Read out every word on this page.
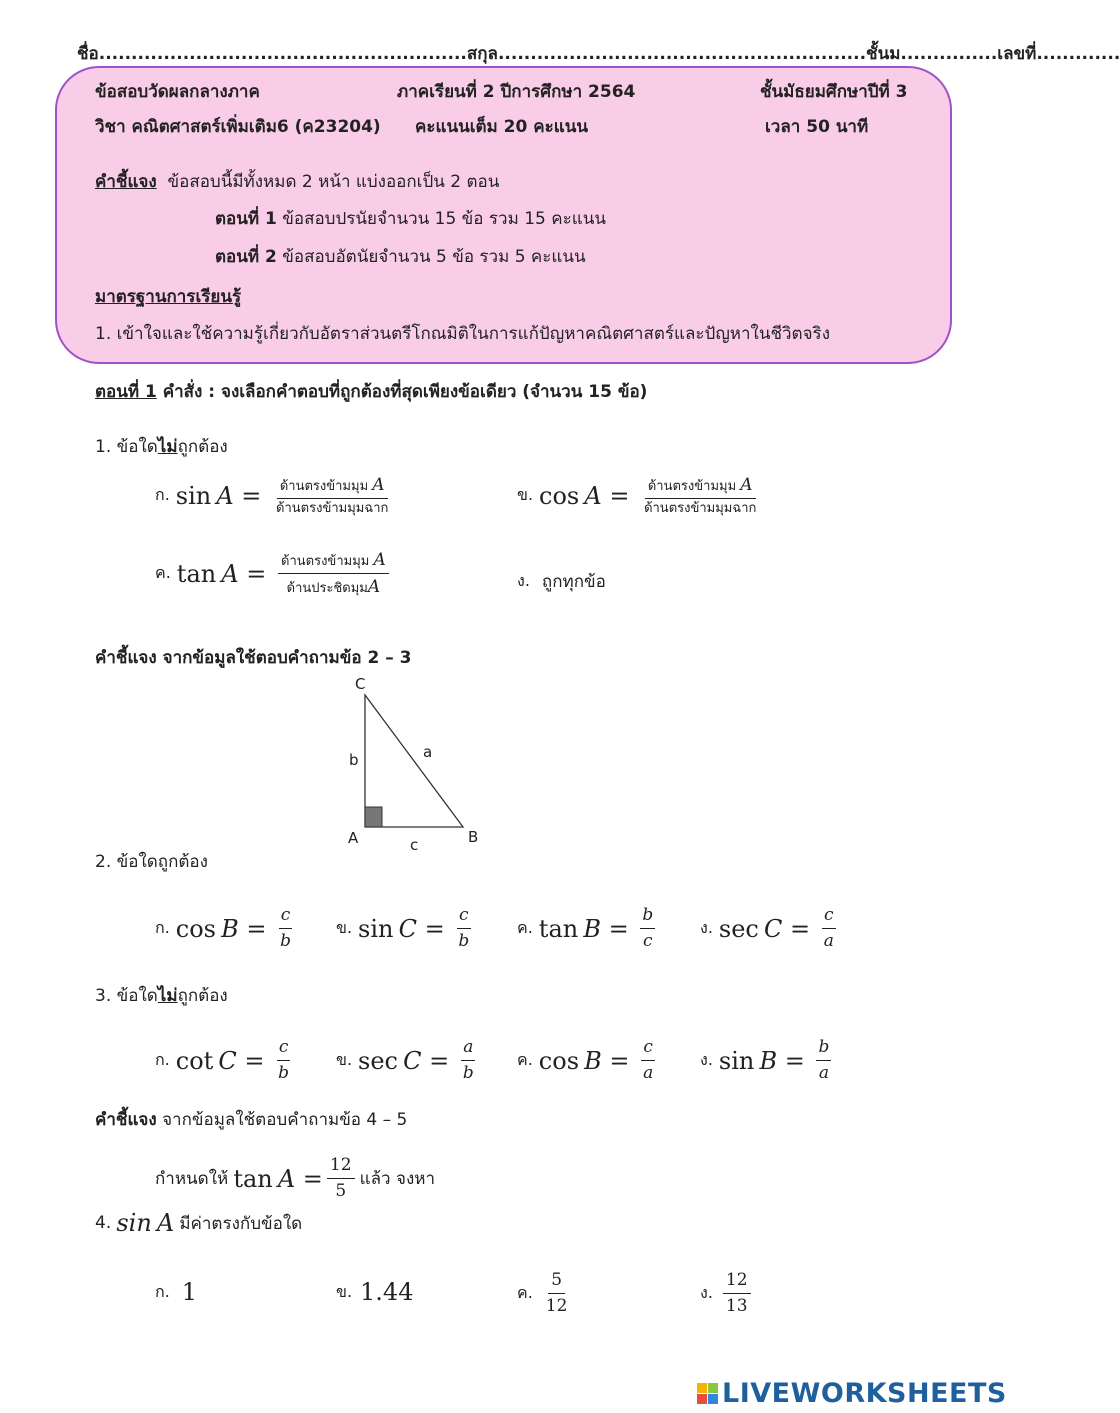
ชื่อ.........................................................สกุล.........................................................ชั้นม...............เลขที่.............
ข้อสอบวัดผลกลางภาค	ภาคเรียนที่ 2 ปีการศึกษา 2564	ชั้นมัธยมศึกษาปีที่ 3
วิชา คณิตศาสตร์เพิ่มเติม6 (ค23204) คะแนนเต็ม 20 คะแนน	เวลา 50 นาที
คำชี้แจง ข้อสอบนี้มีทั้งหมด 2 หน้า แบ่งออกเป็น 2 ตอน
ตอนที่ 1 ข้อสอบปรนัยจำนวน 15 ข้อ รวม 15 คะแนน
ตอนที่ 2 ข้อสอบอัตนัยจำนวน 5 ข้อ รวม 5 คะแนน
มาตรฐานการเรียนรู้
1. เข้าใจและใช้ความรู้เกี่ยวกับอัตราส่วนตรีโกณมิติในการแก้ปัญหาคณิตศาสตร์และปัญหาในชีวิตจริง
ตอนที่ 1 คำสั่ง : จงเลือกคำตอบที่ถูกต้องที่สุดเพียงข้อเดียว (จำนวน 15 ข้อ)
1. ข้อใดไม่ถูกต้อง
ก. sin
$A = \frac{\text{ด้านตรงข้ามมุม A}}{\text{ด้านตรงข้ามมุมฉาก}}$	ข. cos
$A = \frac{\text{ด้านตรงข้ามมุม A}}{\text{ด้านตรงข้ามมุมฉาก}}$
ค. tan
$A = \frac{\text{ด้านตรงข้ามมุม A}}{\text{ด้านประชิดมุมA}}$	ง. ถูกทุกข้อ
คำชี้แจง จากข้อมูลใช้ตอบคำถามข้อ 2 – 3
C
A	B
b	a
c
2. ข้อใดถูกต้อง
ก. cos
$B = \frac{c}{b}$	ข. sin
$C = \frac{c}{b}$	ค. tan
$B = \frac{b}{c}$	ง. sec
$C = \frac{c}{a}$
3. ข้อใดไม่ถูกต้อง
ก. cot
$C = \frac{c}{b}$	ข. sec
$C = \frac{a}{b}$	ค. cos
$B = \frac{c}{a}$	ง. sin
$B = \frac{b}{a}$
คำชี้แจง จากข้อมูลใช้ตอบคำถามข้อ 4 – 5
กำหนดให้
tan
$A = \frac{12}{5}$
แล้ว จงหา
4.
sin
A
มีค่าตรงกับข้อใด
ก. 1	ข. 1.44	ค. $\frac{5}{12}$	ง. $\frac{12}{13}$
LIVEWORKSHEETS
